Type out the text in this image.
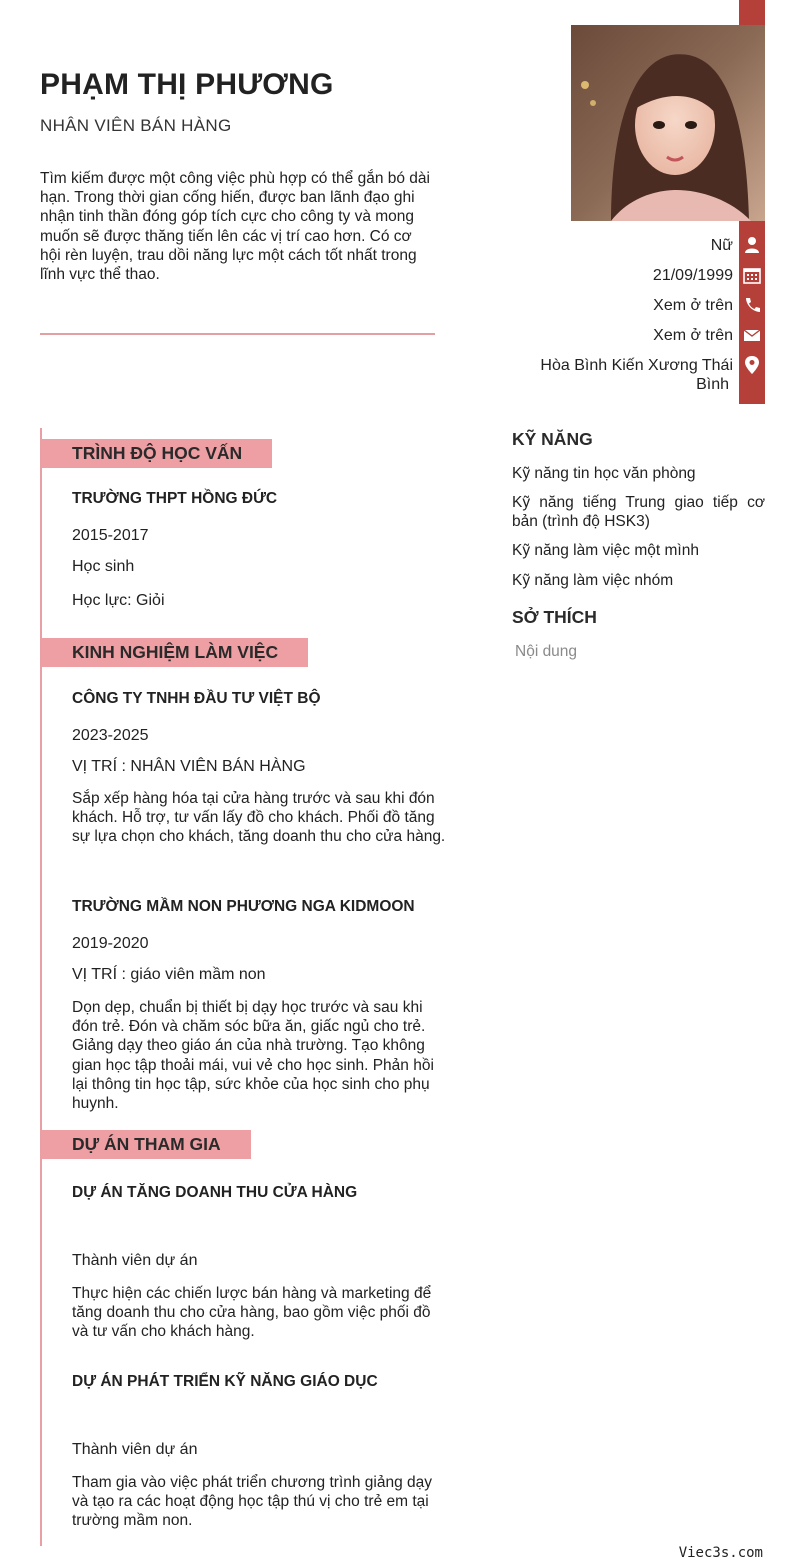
Nữ
21/09/1999
Xem ở trên
Xem ở trên
Hòa Bình Kiến Xương Thái
Bình
PHẠM THỊ PHƯƠNG
NHÂN VIÊN BÁN HÀNG
Tìm kiếm được một công việc phù hợp có thể gắn bó dài hạn. Trong thời gian cống hiến, được ban lãnh đạo ghi nhận tinh thần đóng góp tích cực cho công ty và mong muốn sẽ được thăng tiến lên các vị trí cao hơn. Có cơ hội rèn luyện, trau dồi năng lực một cách tốt nhất trong lĩnh vực thể thao.
TRÌNH ĐỘ HỌC VẤN
TRƯỜNG THPT HỒNG ĐỨC
2015-2017
Học sinh
Học lực: Giỏi
KINH NGHIỆM LÀM VIỆC
CÔNG TY TNHH ĐẦU TƯ VIỆT BỘ
2023-2025
VỊ TRÍ : NHÂN VIÊN BÁN HÀNG
Sắp xếp hàng hóa tại cửa hàng trước và sau khi đón khách. Hỗ trợ, tư vấn lấy đồ cho khách. Phối đồ tăng sự lựa chọn cho khách, tăng doanh thu cho cửa hàng.
TRƯỜNG MẦM NON PHƯƠNG NGA KIDMOON
2019-2020
VỊ TRÍ : giáo viên mầm non
Dọn dẹp, chuẩn bị thiết bị dạy học trước và sau khi đón trẻ. Đón và chăm sóc bữa ăn, giấc ngủ cho trẻ. Giảng dạy theo giáo án của nhà trường. Tạo không gian học tập thoải mái, vui vẻ cho học sinh. Phản hồi lại thông tin học tập, sức khỏe của học sinh cho phụ huynh.
DỰ ÁN THAM GIA
DỰ ÁN TĂNG DOANH THU CỬA HÀNG
Thành viên dự án
Thực hiện các chiến lược bán hàng và marketing để tăng doanh thu cho cửa hàng, bao gồm việc phối đồ và tư vấn cho khách hàng.
DỰ ÁN PHÁT TRIỂN KỸ NĂNG GIÁO DỤC
Thành viên dự án
Tham gia vào việc phát triển chương trình giảng dạy và tạo ra các hoạt động học tập thú vị cho trẻ em tại trường mầm non.
KỸ NĂNG
Kỹ năng tin học văn phòng
Kỹ năng tiếng Trung giao tiếp cơ bản (trình độ HSK3)
Kỹ năng làm việc một mình
Kỹ năng làm việc nhóm
SỞ THÍCH
Nội dung
Viec3s.com
